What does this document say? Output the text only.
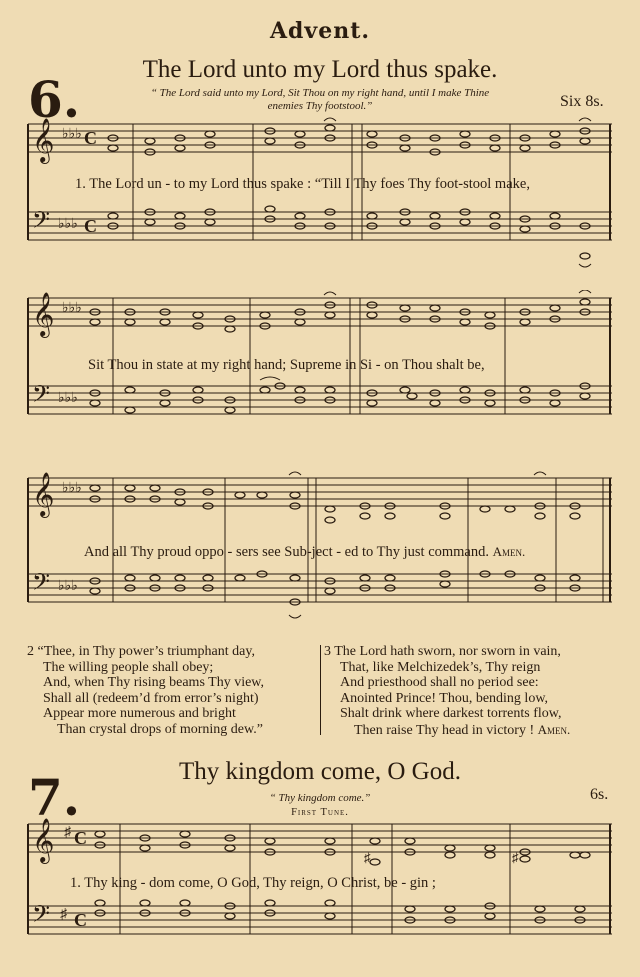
Advent.
6.
The Lord unto my Lord thus spake.
“ The Lord said unto my Lord, Sit Thou on my right hand, until I make Thine
enemies Thy footstool.”	Six 8s.
𝄞
𝄢
C
C
♭♭♭
♭♭♭
1. The Lord un - to my Lord thus spake : “Till I Thy foes Thy foot-stool make,
𝄞
𝄢
♭♭♭
♭♭♭
Sit Thou in state at my right hand; Supreme in Si - on Thou shalt be,
𝄞
𝄢
♭♭♭
♭♭♭
And all Thy proud oppo - sers see Sub-ject - ed to Thy just command. Amen.
2 “Thee, in Thy power’s triumphant day,
The willing people shall obey;
And, when Thy rising beams Thy view,
Shall all (redeem’d from error’s night)
Appear more numerous and bright
Than crystal drops of morning dew.”
3 The Lord hath sworn, nor sworn in vain,
That, like Melchizedek’s, Thy reign
And priesthood shall no period see:
Anointed Prince! Thou, bending low,
Shalt drink where darkest torrents flow,
Then raise Thy head in victory ! Amen.
Thy kingdom come, O God.
7.	“ Thy kingdom come.”	6s.
First Tune.
𝄞
𝄢
♯
♯
C
C
♯	♯
1. Thy king - dom come, O God, Thy reign, O Christ, be - gin ;
